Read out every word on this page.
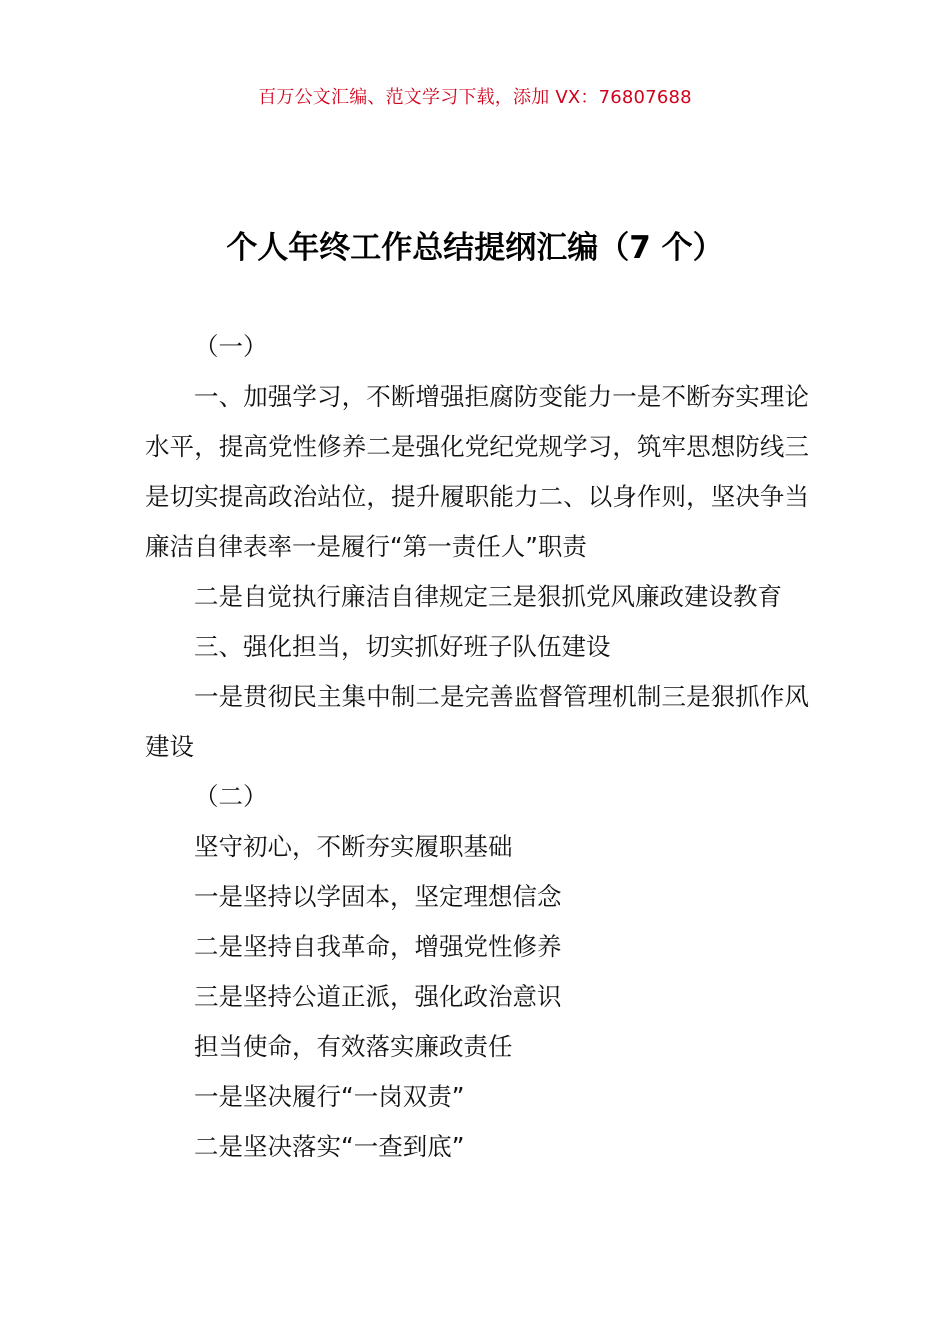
百万公文汇编、范文学习下载，添加 VX：76807688
个人年终工作总结提纲汇编（7 个）

（一）

一、加强学习，不断增强拒腐防变能力一是不断夯实理论水平，提高党性修养二是强化党纪党规学习，筑牢思想防线三是切实提高政治站位，提升履职能力二、以身作则，坚决争当廉洁自律表率一是履行“第一责任人”职责

二是自觉执行廉洁自律规定三是狠抓党风廉政建设教育

三、强化担当，切实抓好班子队伍建设

一是贯彻民主集中制二是完善监督管理机制三是狠抓作风建设

（二）

坚守初心，不断夯实履职基础

一是坚持以学固本，坚定理想信念

二是坚持自我革命，增强党性修养

三是坚持公道正派，强化政治意识

担当使命，有效落实廉政责任

一是坚决履行“一岗双责”

二是坚决落实“一查到底”
